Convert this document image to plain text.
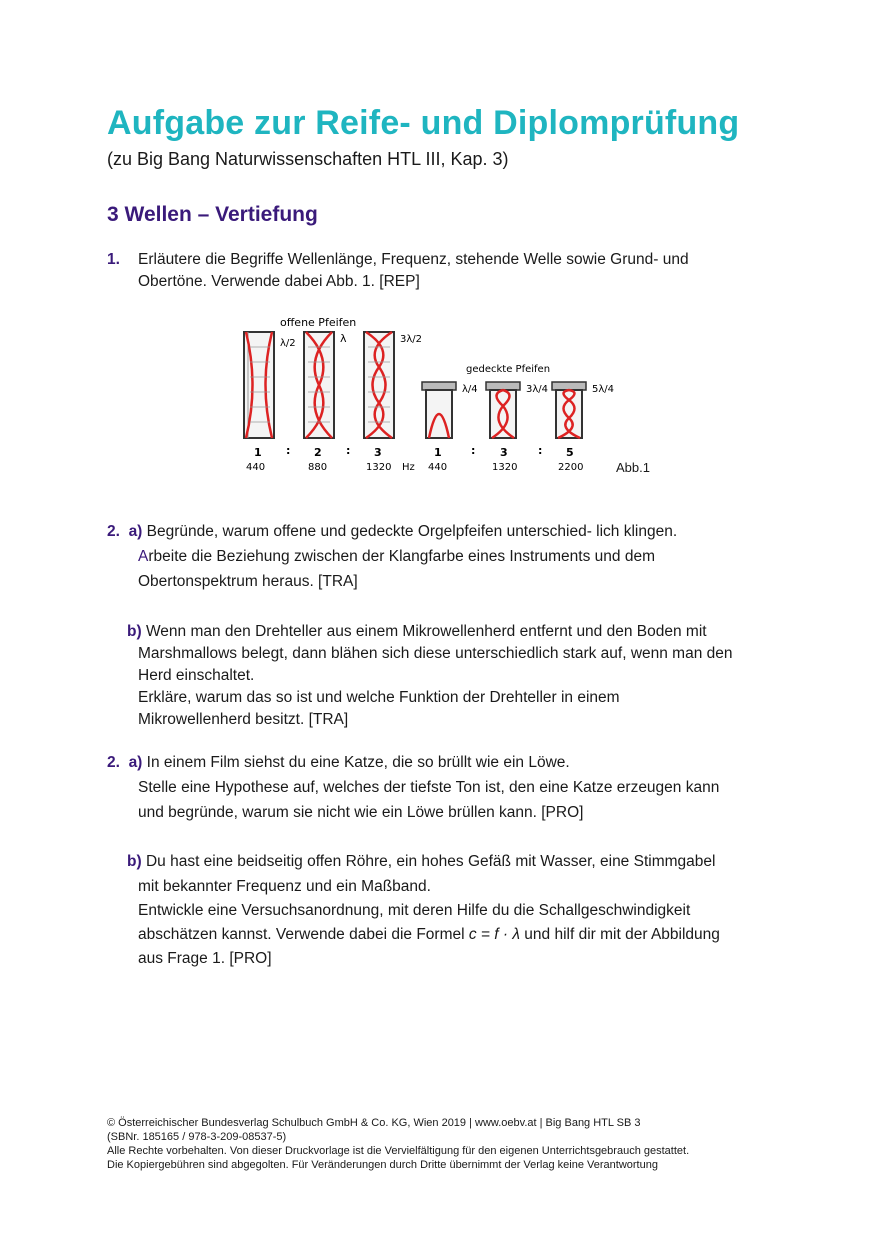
Aufgabe zur Reife- und Diplomprüfung

(zu Big Bang Naturwissenschaften HTL III, Kap. 3)

3 Wellen – Vertiefung

1. Erläutere die Begriffe Wellenlänge, Frequenz, stehende Welle sowie Grund- und

Obertöne. Verwende dabei Abb. 1. [REP]

offene Pfeifen
λ/2	λ	3λ/2
gedeckte Pfeifen
λ/4	3λ/4	5λ/4
1 : 2 : 3	1	: 3	: 5
440	880	1320 Hz 440	1320	2200	Abb.1

2. a) Begründe, warum offene und gedeckte Orgelpfeifen unterschied- lich klingen.

Arbeite die Beziehung zwischen der Klangfarbe eines Instruments und dem

Obertonspektrum heraus. [TRA]

b) Wenn man den Drehteller aus einem Mikrowellenherd entfernt und den Boden mit

Marshmallows belegt, dann blähen sich diese unterschiedlich stark auf, wenn man den

Herd einschaltet.

Erkläre, warum das so ist und welche Funktion der Drehteller in einem

Mikrowellenherd besitzt. [TRA]

2. a) In einem Film siehst du eine Katze, die so brüllt wie ein Löwe.

Stelle eine Hypothese auf, welches der tiefste Ton ist, den eine Katze erzeugen kann

und begründe, warum sie nicht wie ein Löwe brüllen kann. [PRO]

b) Du hast eine beidseitig offen Röhre, ein hohes Gefäß mit Wasser, eine Stimmgabel

mit bekannter Frequenz und ein Maßband.

Entwickle eine Versuchsanordnung, mit deren Hilfe du die Schallgeschwindigkeit

abschätzen kannst. Verwende dabei die Formel c = f · λ und hilf dir mit der Abbildung

aus Frage 1. [PRO]

© Österreichischer Bundesverlag Schulbuch GmbH & Co. KG, Wien 2019 | www.oebv.at | Big Bang HTL SB 3
(SBNr. 185165 / 978-3-209-08537-5)
Alle Rechte vorbehalten. Von dieser Druckvorlage ist die Vervielfältigung für den eigenen Unterrichtsgebrauch gestattet.
Die Kopiergebühren sind abgegolten. Für Veränderungen durch Dritte übernimmt der Verlag keine Verantwortung
